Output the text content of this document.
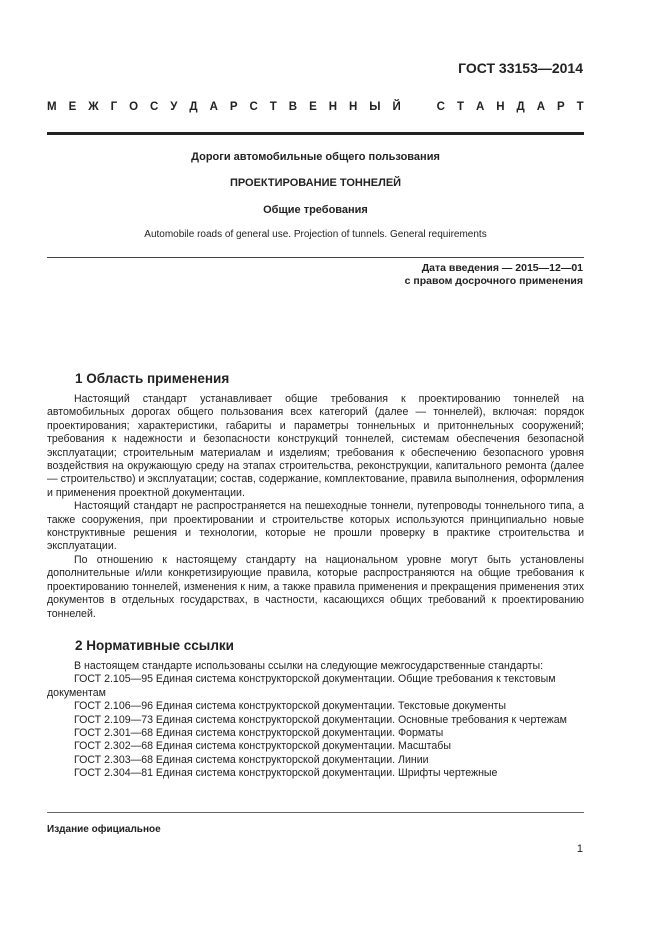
ГОСТ 33153—2014
М Е Ж Г О С У Д А Р С Т В Е Н Н Ы Й	С Т А Н Д А Р Т
Дороги автомобильные общего пользования
ПРОЕКТИРОВАНИЕ ТОННЕЛЕЙ
Общие требования
Automobile roads of general use. Projection of tunnels. General requirements
Дата введения — 2015—12—01
с правом досрочного применения
1 Область применения

Настоящий стандарт устанавливает общие требования к проектированию тоннелей на автомобильных дорогах общего пользования всех категорий (далее — тоннелей), включая: порядок проектирования; характеристики, габариты и параметры тоннельных и притоннельных сооружений; требования к надежности и безопасности конструкций тоннелей, системам обеспечения безопасной эксплуатации; строительным материалам и изделиям; требования к обеспечению безопасного уровня воздействия на окружающую среду на этапах строительства, реконструкции, капитального ремонта (далее — строительство) и эксплуатации; состав, содержание, комплектование, правила выполнения, оформления и применения проектной документации.

Настоящий стандарт не распространяется на пешеходные тоннели, путепроводы тоннельного типа, а также сооружения, при проектировании и строительстве которых используются принципиально новые конструктивные решения и технологии, которые не прошли проверку в практике строительства и эксплуатации.

По отношению к настоящему стандарту на национальном уровне могут быть установлены дополнительные и/или конкретизирующие правила, которые распространяются на общие требования к проектированию тоннелей, изменения к ним, а также правила применения и прекращения применения этих документов в отдельных государствах, в частности, касающихся общих требований к проектированию тоннелей.

2 Нормативные ссылки

В настоящем стандарте использованы ссылки на следующие межгосударственные стандарты:

ГОСТ 2.105—95 Единая система конструкторской документации. Общие требования к текстовым документам

ГОСТ 2.106—96 Единая система конструкторской документации. Текстовые документы

ГОСТ 2.109—73 Единая система конструкторской документации. Основные требования к чертежам

ГОСТ 2.301—68 Единая система конструкторской документации. Форматы

ГОСТ 2.302—68 Единая система конструкторской документации. Масштабы

ГОСТ 2.303—68 Единая система конструкторской документации. Линии

ГОСТ 2.304—81 Единая система конструкторской документации. Шрифты чертежные

Издание официальное
1
